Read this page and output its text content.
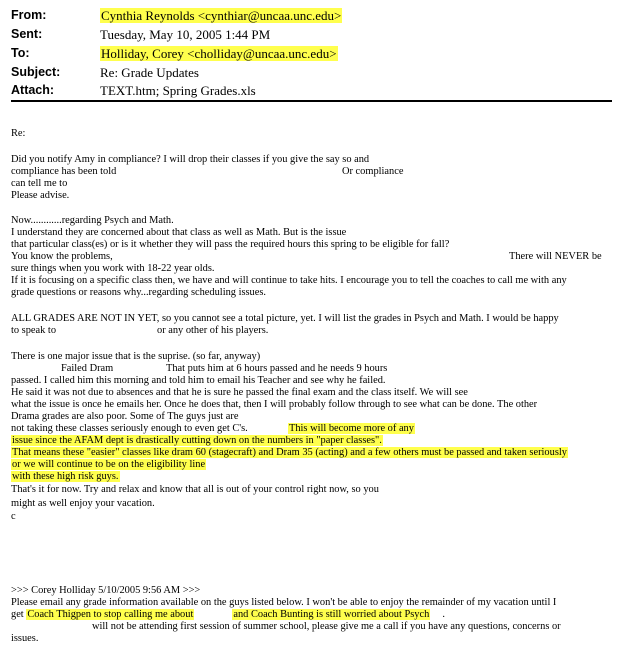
From:	Cynthia Reynolds <cynthiar@uncaa.unc.edu>
Sent:	Tuesday, May 10, 2005 1:44 PM
To:	Holliday, Corey <cholliday@uncaa.unc.edu>
Subject:	Re: Grade Updates
Attach:	TEXT.htm; Spring Grades.xls
Re:
Did you notify Amy in compliance? I will drop their classes if you give the say so and
compliance has been told	Or compliance
can tell me to
Please advise.
Now............regarding Psych and Math.
I understand they are concerned about that class as well as Math. But is the issue
that particular class(es) or is it whether they will pass the required hours this spring to be eligible for fall?
You know the problems,	There will NEVER be
sure things when you work with 18-22 year olds.
If it is focusing on a specific class then, we have and will continue to take hits. I encourage you to tell the coaches to call me with any
grade questions or reasons why...regarding scheduling issues.
ALL GRADES ARE NOT IN YET, so you cannot see a total picture, yet. I will list the grades in Psych and Math. I would be happy
to speak to	or any other of his players.
There is one major issue that is the suprise. (so far, anyway)
Failed Dram	That puts him at 6 hours passed and he needs 9 hours
passed. I called him this morning and told him to email his Teacher and see why he failed.
He said it was not due to absences and that he is sure he passed the final exam and the class itself. We will see
what the issue is once he emails her. Once he does that, then I will probably follow through to see what can be done. The other
Drama grades are also poor. Some of The guys just are
not taking these classes seriously enough to even get C's.	This will become more of any
issue since the AFAM dept is drastically cutting down on the numbers in "paper classes".
That means these "easier" classes like dram 60 (stagecraft) and Dram 35 (acting) and a few others must be passed and taken seriously
or we will continue to be on the eligibility line
with these high risk guys.
That's it for now. Try and relax and know that all is out of your control right now, so you
might as well enjoy your vacation.
c
>>> Corey Holliday 5/10/2005 9:56 AM >>>
Please email any grade information available on the guys listed below. I won't be able to enjoy the remainder of my vacation until I
get Coach Thigpen to stop calling me about	and Coach Bunting is still worried about Psych .
will not be attending first session of summer school, please give me a call if you have any questions, concerns or
issues.
